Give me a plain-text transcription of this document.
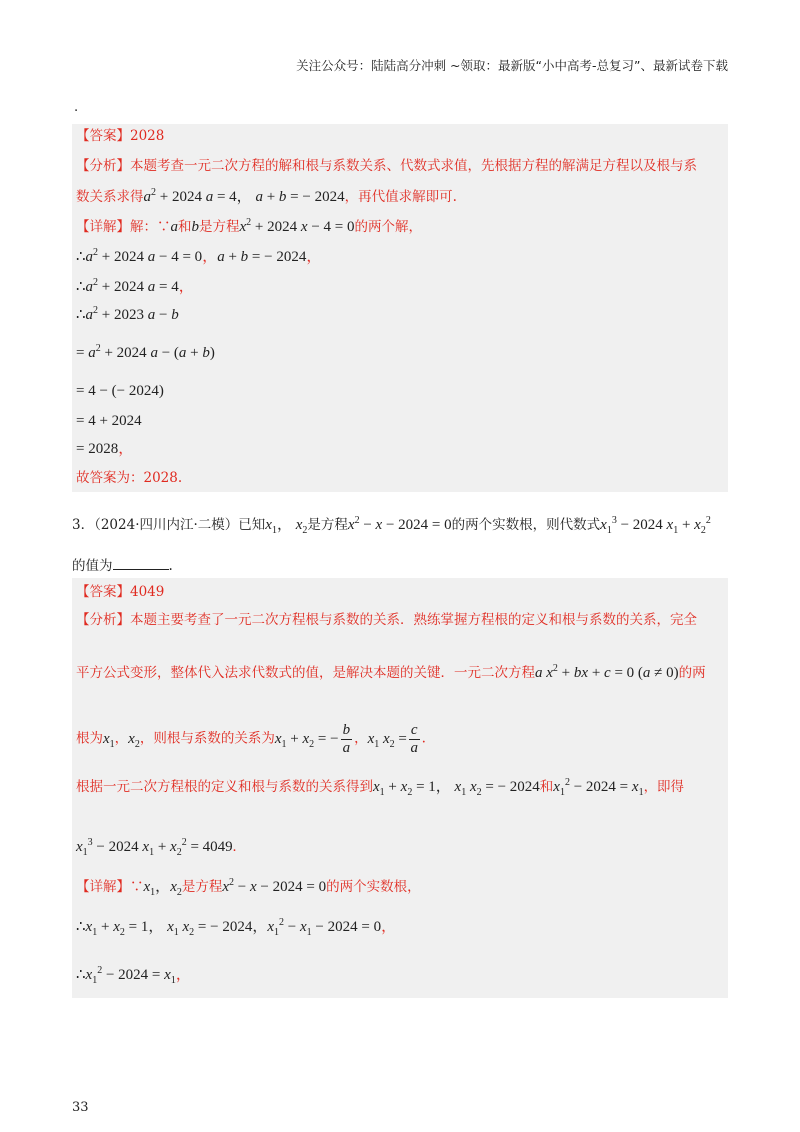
关注公众号：陆陆高分冲刺 ~领取：最新版“小中高考-总复习”、最新试卷下载
.
【答案】2028
【分析】本题考查一元二次方程的解和根与系数关系、代数式求值，先根据方程的解满足方程以及根与系
数关系求得$a^2 + 2024$ a = 4， a + b = − 2024，再代值求解即可.
【详解】解：∵a和b是方程$x^2 + 2024$ x − 4 = 0的两个解，
$\therefore a^2 + 2024$ a − 4 = 0，a + b = − 2024，
$\therefore a^2 + 2024$ a = 4，
$\therefore a^2 + 2023$ a − b
= $a^2 + 2024$ a − (a + b)
= 4 − (− 2024)
= 4 + 2024
= 2028，
故答案为：2028.
3．（2024·四川内江·二模）已知$x_1$， $x_2$是方程$x^2 - x - 2024 = 0$的两个实数根，则代数式$x_1^3 - 2024$ $x_1 + x_2^2$
的值为	.
【答案】4049
【分析】本题主要考查了一元二次方程根与系数的关系．熟练掌握方程根的定义和根与系数的关系，完全
平方公式变形，整体代入法求代数式的值，是解决本题的关键．一元二次方程a $x^2$ + bx + c = 0 (a ≠ 0)的两
根为$x_1$，$x_2$，则根与系数的关系为$x_1 + x_2$ = − $\frac{b}{a}$ ，$x_1$ $x_2 = \frac{c}{a}$ .
根据一元二次方程根的定义和根与系数的关系得到$x_1 + x_2 = 1$， $x_1$ $x_2$ = − 2024和$x_1^2 - 2024 = x_1$，即得
$x_1^3 - 2024$ $x_1 + x_2^2 = 4049$.
【详解】$\because x_1$，$x_2$是方程$x^2 - x - 2024 = 0$的两个实数根，
$\therefore x_1 + x_2 = 1$， $x_1$ $x_2$ = − 2024，$x_1^2 - x_1 - 2024 = 0$，
$\therefore x_1^2 - 2024 = x_1$，
33
